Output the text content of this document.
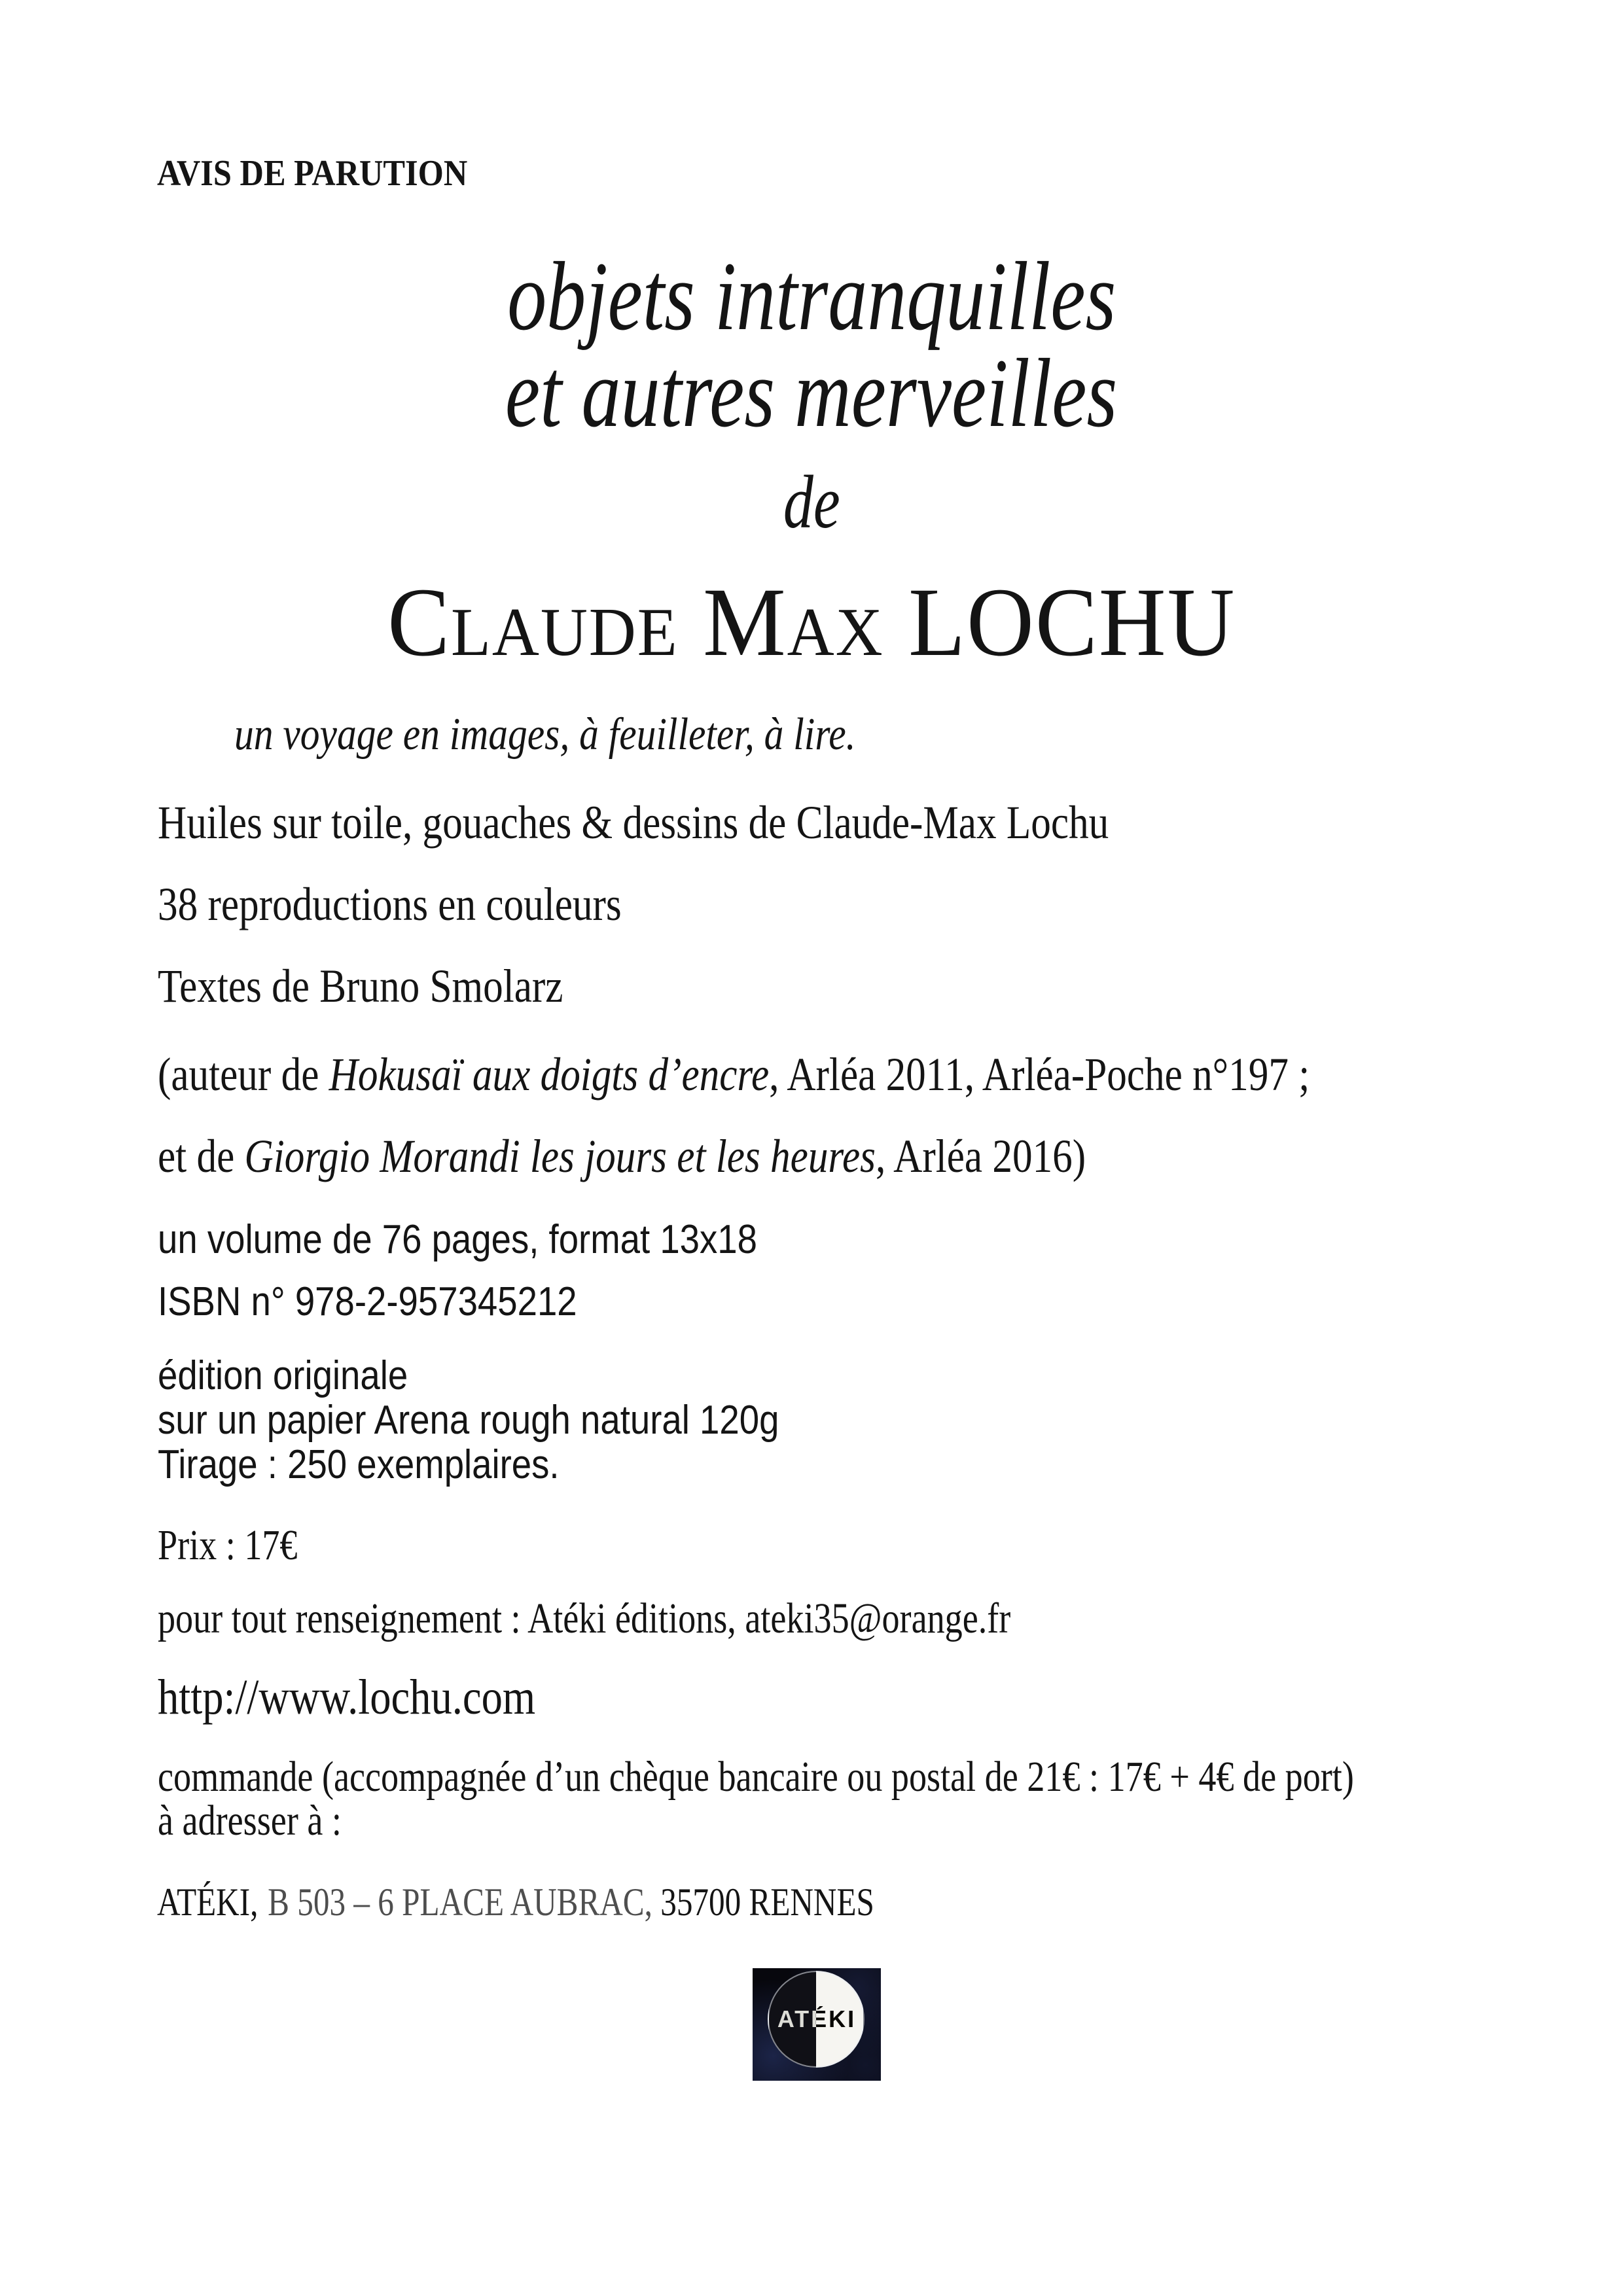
AVIS DE PARUTION
objets intranquilles
et autres merveilles
de
Claude Max LOCHU
un voyage en images, à feuilleter, à lire.
Huiles sur toile, gouaches & dessins de Claude-Max Lochu
38 reproductions en couleurs
Textes de Bruno Smolarz
(auteur de Hokusaï aux doigts d’encre, Arléa 2011, Arléa-Poche n°197 ;
et de Giorgio Morandi les jours et les heures, Arléa 2016)
un volume de 76 pages, format 13x18
ISBN n° 978-2-957345212
édition originale
sur un papier Arena rough natural 120g
Tirage : 250 exemplaires.
Prix : 17€
pour tout renseignement : Atéki éditions, ateki35@orange.fr
http://www.lochu.com
commande (accompagnée d’un chèque bancaire ou postal de 21€ : 17€ + 4€ de port)
à adresser à :
ATÉKI, B 503 – 6 PLACE AUBRAC, 35700 RENNES
ATÉKI
